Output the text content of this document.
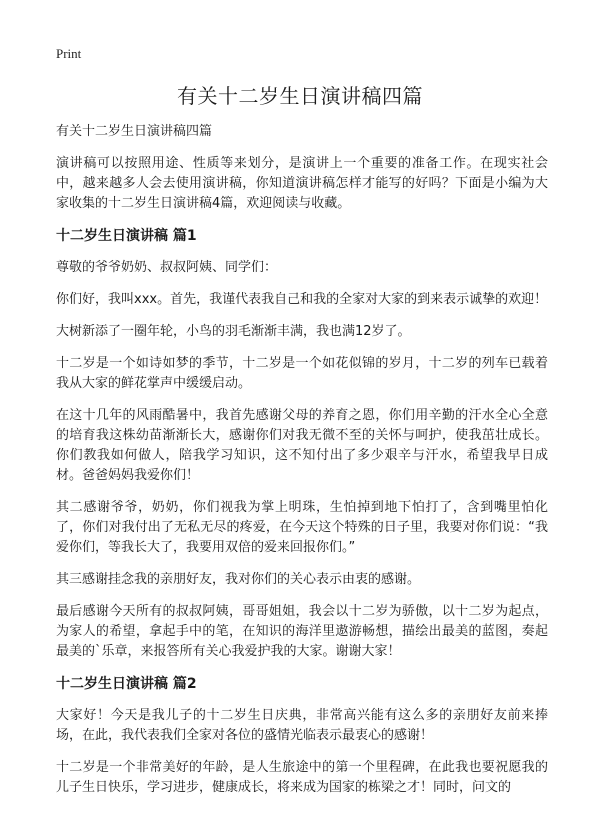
Print
有关十二岁生日演讲稿四篇

有关十二岁生日演讲稿四篇

演讲稿可以按照用途、性质等来划分，是演讲上一个重要的准备工作。在现实社会中，越来越多人会去使用演讲稿，你知道演讲稿怎样才能写的好吗？下面是小编为大家收集的十二岁生日演讲稿4篇，欢迎阅读与收藏。

十二岁生日演讲稿 篇1

尊敬的爷爷奶奶、叔叔阿姨、同学们：

你们好，我叫xxx。首先，我谨代表我自己和我的全家对大家的到来表示诚挚的欢迎！

大树新添了一圈年轮，小鸟的羽毛渐渐丰满，我也满12岁了。

十二岁是一个如诗如梦的季节，十二岁是一个如花似锦的岁月，十二岁的列车已载着我从大家的鲜花掌声中缓缓启动。

在这十几年的风雨酷暑中，我首先感谢父母的养育之恩，你们用辛勤的汗水全心全意的培育我这株幼苗渐渐长大，感谢你们对我无微不至的关怀与呵护，使我茁壮成长。你们教我如何做人，陪我学习知识，这不知付出了多少艰辛与汗水，希望我早日成材。爸爸妈妈我爱你们！

其二感谢爷爷，奶奶，你们视我为掌上明珠，生怕掉到地下怕打了，含到嘴里怕化了，你们对我付出了无私无尽的疼爱，在今天这个特殊的日子里，我要对你们说：“我爱你们，等我长大了，我要用双倍的爱来回报你们。”

其三感谢挂念我的亲朋好友，我对你们的关心表示由衷的感谢。

最后感谢今天所有的叔叔阿姨，哥哥姐姐，我会以十二岁为骄傲，以十二岁为起点，为家人的希望，拿起手中的笔，在知识的海洋里遨游畅想，描绘出最美的蓝图，奏起最美的`乐章，来报答所有关心我爱护我的大家。谢谢大家！

十二岁生日演讲稿 篇2

大家好！今天是我儿子的十二岁生日庆典，非常高兴能有这么多的亲朋好友前来捧场，在此，我代表我们全家对各位的盛情光临表示最衷心的感谢！

十二岁是一个非常美好的年龄，是人生旅途中的第一个里程碑，在此我也要祝愿我的儿子生日快乐，学习进步，健康成长，将来成为国家的栋梁之才！同时，问文的
